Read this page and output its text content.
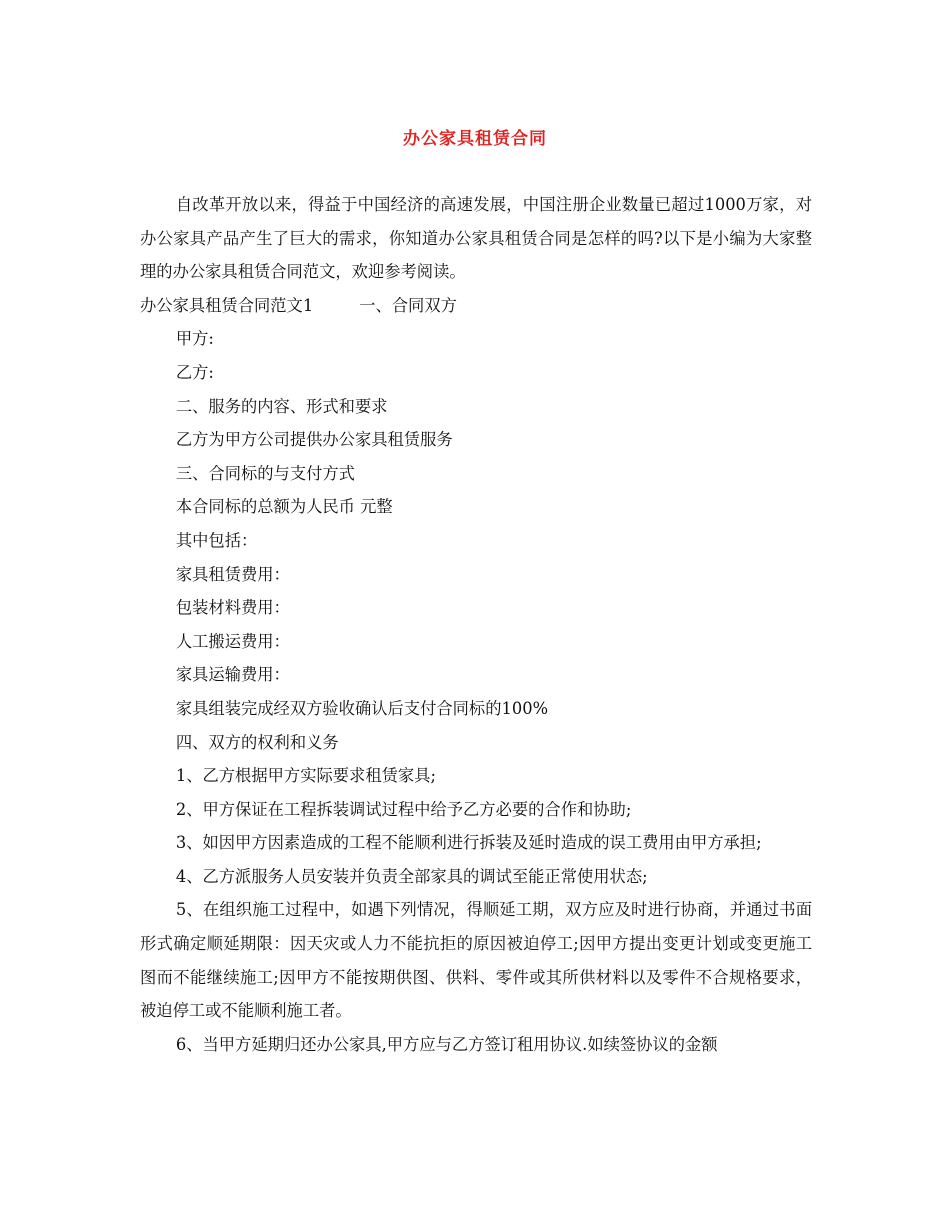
办公家具租赁合同

自改革开放以来，得益于中国经济的高速发展，中国注册企业数量已超过1000万家，对办公家具产品产生了巨大的需求，你知道办公家具租赁合同是怎样的吗?以下是小编为大家整理的办公家具租赁合同范文，欢迎参考阅读。

办公家具租赁合同范文1	一、合同双方

甲方:

乙方:

二、服务的内容、形式和要求

乙方为甲方公司提供办公家具租赁服务

三、合同标的与支付方式

本合同标的总额为人民币 元整

其中包括：

家具租赁费用：

包装材料费用：

人工搬运费用：

家具运输费用：

家具组装完成经双方验收确认后支付合同标的100%

四、双方的权利和义务

1、乙方根据甲方实际要求租赁家具;

2、甲方保证在工程拆装调试过程中给予乙方必要的合作和协助;

3、如因甲方因素造成的工程不能顺利进行拆装及延时造成的误工费用由甲方承担;

4、乙方派服务人员安装并负责全部家具的调试至能正常使用状态;

5、在组织施工过程中，如遇下列情况，得顺延工期，双方应及时进行协商，并通过书面形式确定顺延期限：因天灾或人力不能抗拒的原因被迫停工;因甲方提出变更计划或变更施工图而不能继续施工;因甲方不能按期供图、供料、零件或其所供材料以及零件不合规格要求，被迫停工或不能顺利施工者。

6、当甲方延期归还办公家具,甲方应与乙方签订租用协议.如续签协议的金额
